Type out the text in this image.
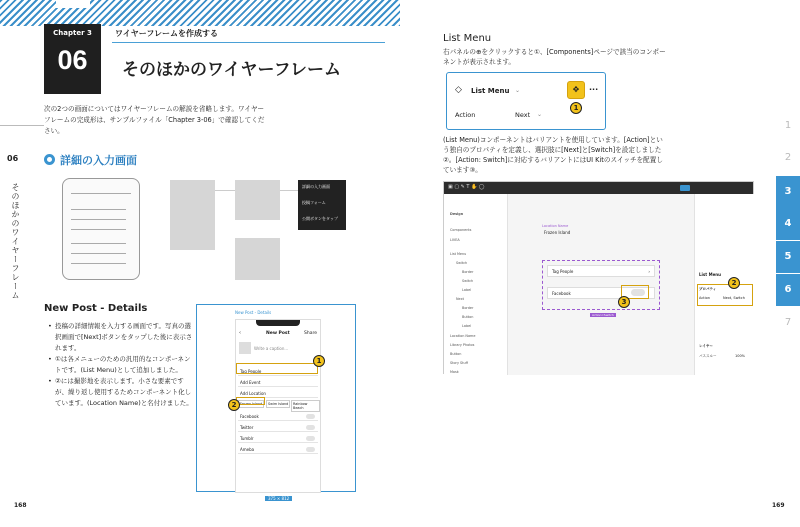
Chapter 3
06
ワイヤーフレームを作成する
そのほかのワイヤーフレーム
次の2つの画面についてはワイヤーフレームの解説を省略します。ワイヤーフレームの完成形は、サンプルファイル「Chapter 3-06」で確認してください。
06
そのほかのワイヤーフレーム
詳細の入力画面
詳細の入力画面
投稿フォーム
公開ボタンをタップ
New Post - Details
• 投稿の詳細情報を入力する画面です。写真の選択画面で[Next]ボタンをタップした後に表示されます。
• ①は各メニューのための汎用的なコンポーネントです。(List Menu)として追加しました。
• ②には撮影地を表示します。小さな要素ですが、繰り返し使用するためコンポーネント化しています。(Location Name)と名付けました。
New Post - Details
‹	New Post	Share
Write a caption...
Tag People
Add Event
Add Location
Frozen Island	Swim Island	Rainbow Beach
Facebook
Twitter
Tumblr
Ameba
1
2
375 × 812
168
List Menu
右パネルの⊕をクリックすると①、[Components]ページで該当のコンポーネントが表示されます。
◇ List Menu ⌄	✥	···
Action	Next ⌄
1
(List Menu)コンポーネントはバリアントを使用しています。[Action]という独自のプロパティを定義し、選択肢に[Next]と[Switch]を設定しました②。[Action: Switch]に対応するバリアントにはUI Kitのスイッチを配置しています③。
▣ ▢ ✎ T ✋ ◯
Design
Components
LIVEA
List Menu
Switch
Border
Switch
Label
Next
Border
Button
Label
Location Name
Library Photos
Button
Story Stuff
Mask
Location Name
Frozen Island
Tag People	›
Facebook
3
Action=Switch
List Menu
プロパティ
Action	Next, Switch
2
レイヤー
パススルー	100%
1
2
3
4
5
6
7
169
